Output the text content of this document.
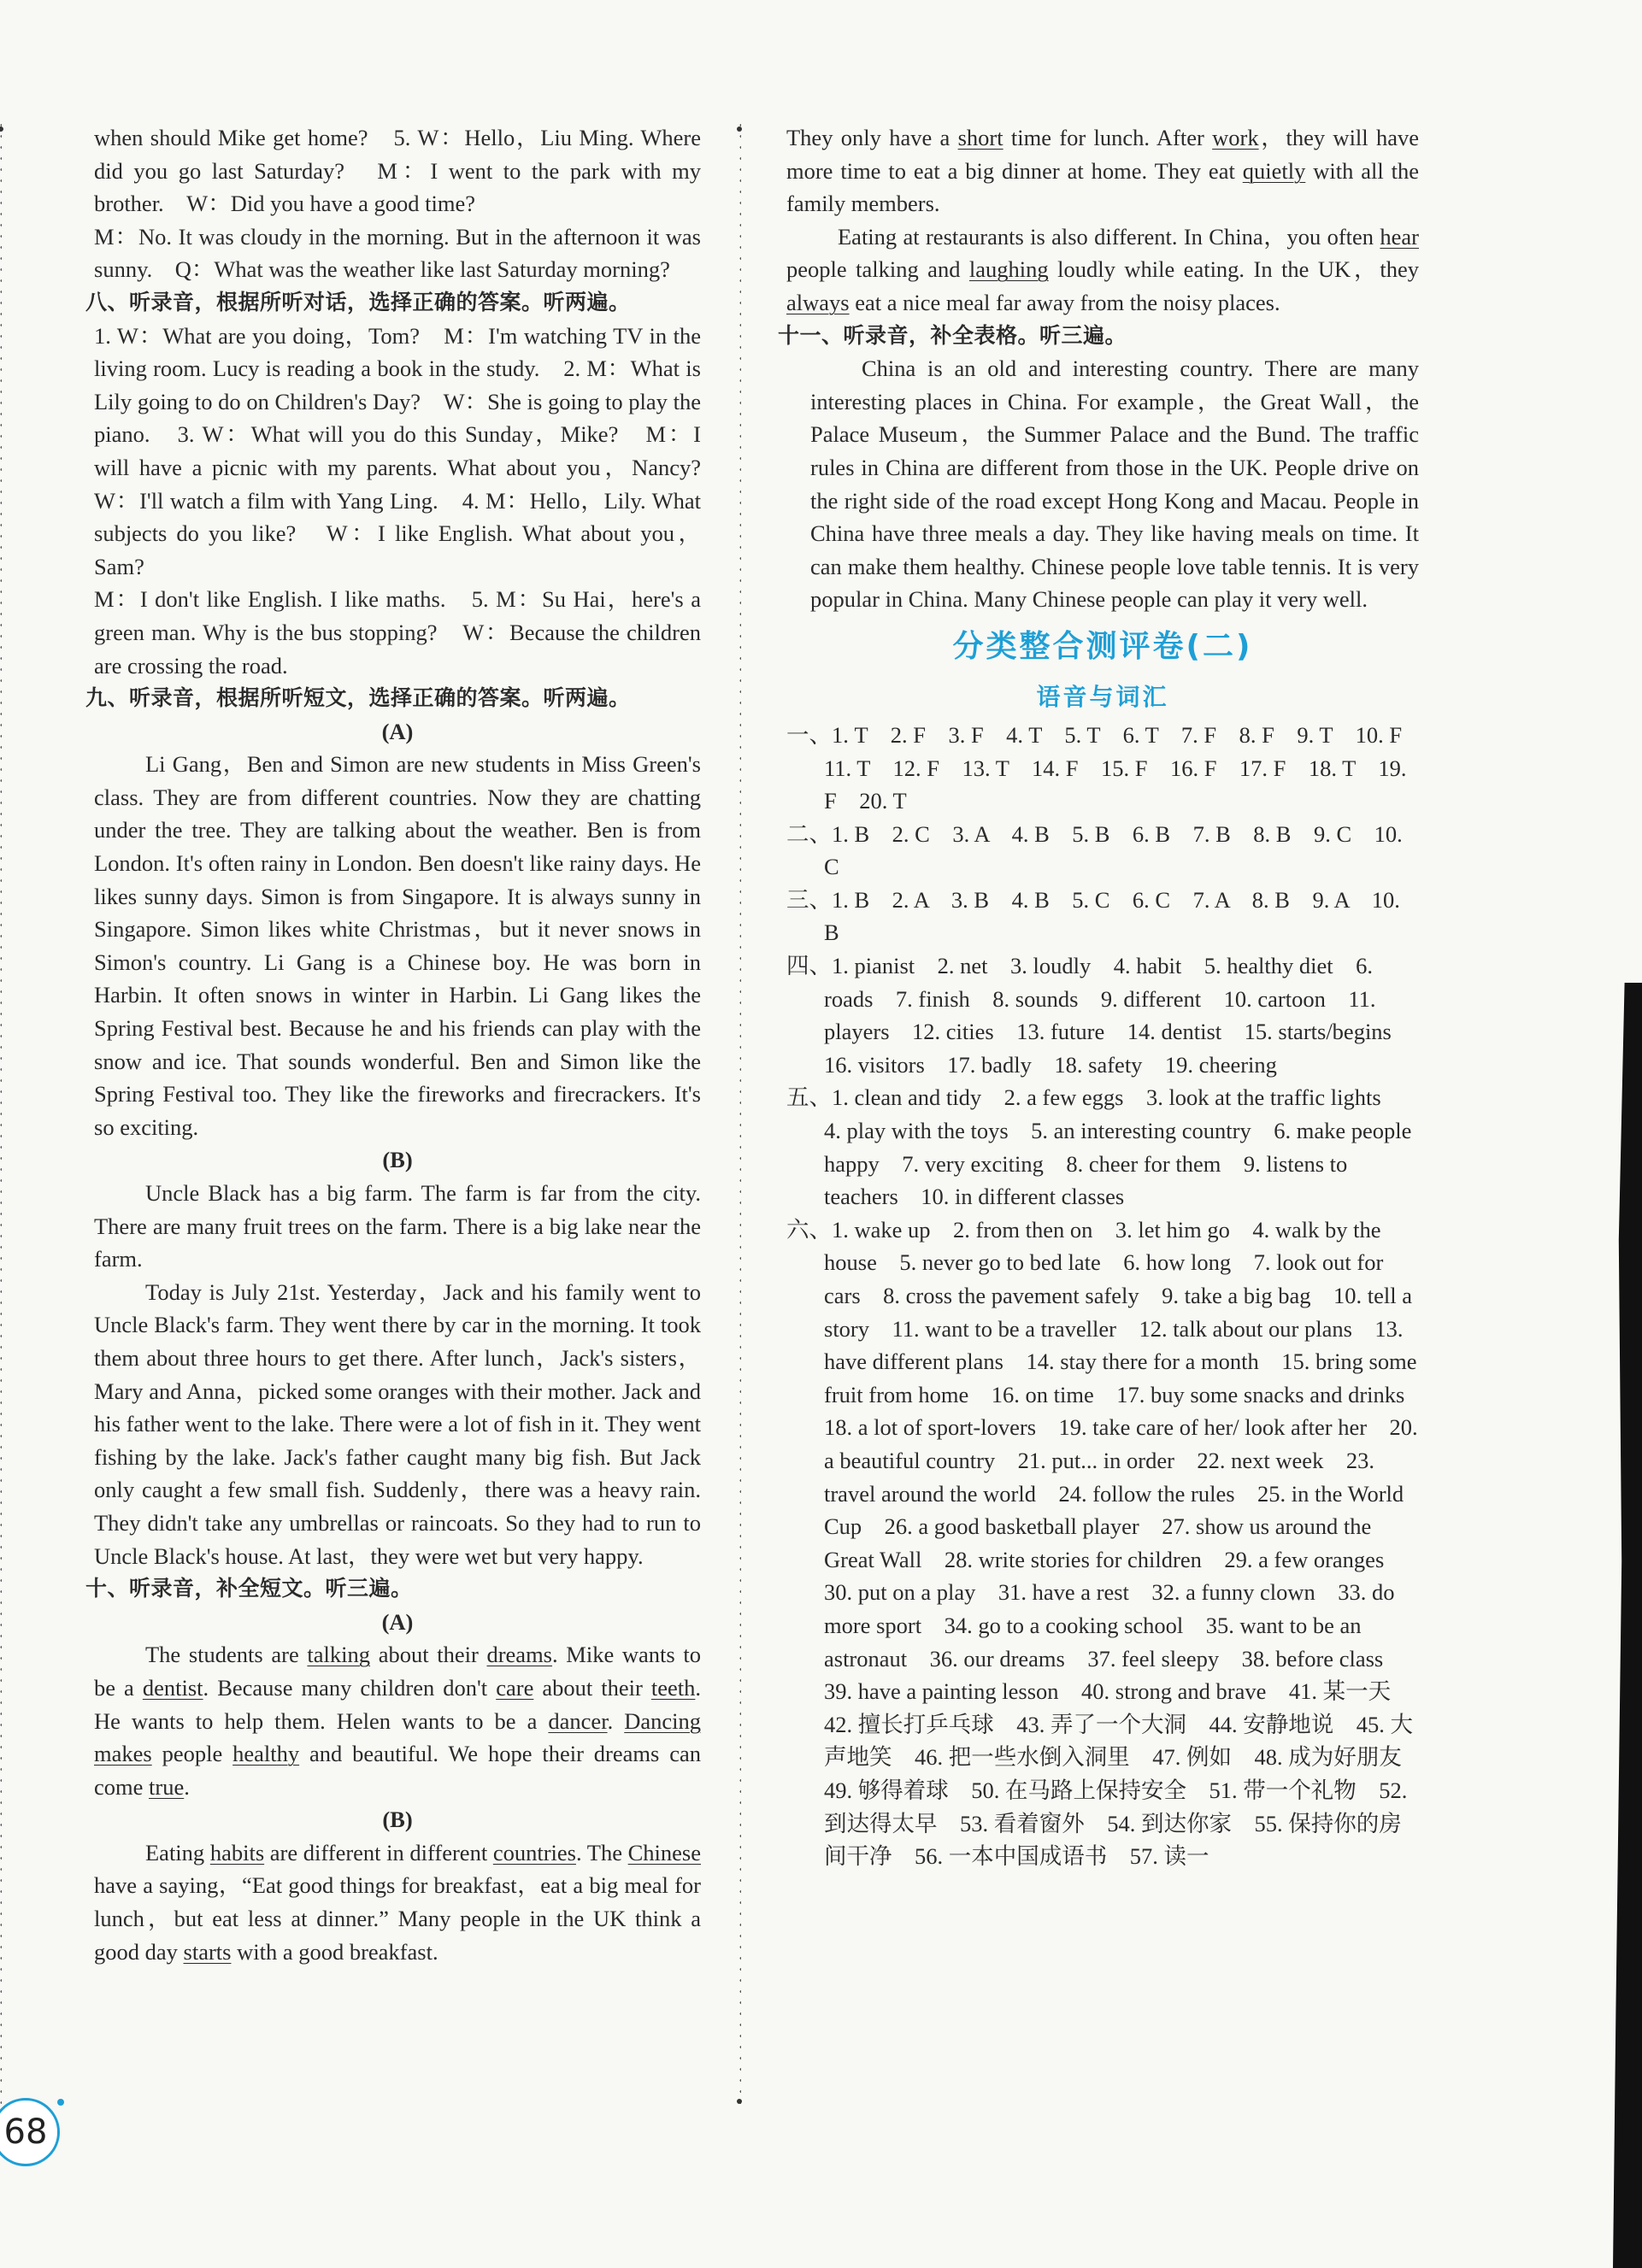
when should Mike get home?　5. W：Hello，Liu Ming. Where did you go last Saturday?　M：I went to the park with my brother.　W：Did you have a good time?

M：No. It was cloudy in the morning. But in the afternoon it was sunny.　Q：What was the weather like last Saturday morning?

八、听录音，根据所听对话，选择正确的答案。听两遍。

1. W：What are you doing，Tom?　M：I'm watching TV in the living room. Lucy is reading a book in the study.　2. M：What is Lily going to do on Children's Day?　W：She is going to play the piano.　3. W：What will you do this Sunday，Mike?　M：I will have a picnic with my parents. What about you，Nancy?　W：I'll watch a film with Yang Ling.　4. M：Hello，Lily. What subjects do you like?　W：I like English. What about you，Sam?

M：I don't like English. I like maths.　5. M：Su Hai，here's a green man. Why is the bus stopping?　W：Because the children are crossing the road.

九、听录音，根据所听短文，选择正确的答案。听两遍。

(A)

Li Gang，Ben and Simon are new students in Miss Green's class. They are from different countries. Now they are chatting under the tree. They are talking about the weather. Ben is from London. It's often rainy in London. Ben doesn't like rainy days. He likes sunny days. Simon is from Singapore. It is always sunny in Singapore. Simon likes white Christmas，but it never snows in Simon's country. Li Gang is a Chinese boy. He was born in Harbin. It often snows in winter in Harbin. Li Gang likes the Spring Festival best. Because he and his friends can play with the snow and ice. That sounds wonderful. Ben and Simon like the Spring Festival too. They like the fireworks and firecrackers. It's so exciting.

(B)

Uncle Black has a big farm. The farm is far from the city. There are many fruit trees on the farm. There is a big lake near the farm.

Today is July 21st. Yesterday，Jack and his family went to Uncle Black's farm. They went there by car in the morning. It took them about three hours to get there. After lunch，Jack's sisters，Mary and Anna，picked some oranges with their mother. Jack and his father went to the lake. There were a lot of fish in it. They went fishing by the lake. Jack's father caught many big fish. But Jack only caught a few small fish. Suddenly，there was a heavy rain. They didn't take any umbrellas or raincoats. So they had to run to Uncle Black's house. At last，they were wet but very happy.

十、听录音，补全短文。听三遍。

(A)

The students are talking about their dreams. Mike wants to be a dentist. Because many children don't care about their teeth. He wants to help them. Helen wants to be a dancer. Dancing makes people healthy and beautiful. We hope their dreams can come true.

(B)

Eating habits are different in different countries. The Chinese have a saying，“Eat good things for breakfast，eat a big meal for lunch，but eat less at dinner.” Many people in the UK think a good day starts with a good breakfast.

They only have a short time for lunch. After work，they will have more time to eat a big dinner at home. They eat quietly with all the family members.

Eating at restaurants is also different. In China，you often hear people talking and laughing loudly while eating. In the UK，they always eat a nice meal far away from the noisy places.

十一、听录音，补全表格。听三遍。

China is an old and interesting country. There are many interesting places in China. For example，the Great Wall，the Palace Museum，the Summer Palace and the Bund. The traffic rules in China are different from those in the UK. People drive on the right side of the road except Hong Kong and Macau. People in China have three meals a day. They like having meals on time. It can make them healthy. Chinese people love table tennis. It is very popular in China. Many Chinese people can play it very well.

分类整合测评卷(二)

语音与词汇

一、1. T　2. F　3. F　4. T　5. T　6. T　7. F　8. F　9. T　10. F　11. T　12. F　13. T　14. F　15. F　16. F　17. F　18. T　19. F　20. T

二、1. B　2. C　3. A　4. B　5. B　6. B　7. B　8. B　9. C　10. C

三、1. B　2. A　3. B　4. B　5. C　6. C　7. A　8. B　9. A　10. B

四、1. pianist　2. net　3. loudly　4. habit　5. healthy diet　6. roads　7. finish　8. sounds　9. different　10. cartoon　11. players　12. cities　13. future　14. dentist　15. starts/begins　16. visitors　17. badly　18. safety　19. cheering

五、1. clean and tidy　2. a few eggs　3. look at the traffic lights　4. play with the toys　5. an interesting country　6. make people happy　7. very exciting　8. cheer for them　9. listens to teachers　10. in different classes

六、1. wake up　2. from then on　3. let him go　4. walk by the house　5. never go to bed late　6. how long　7. look out for cars　8. cross the pavement safely　9. take a big bag　10. tell a story　11. want to be a traveller　12. talk about our plans　13. have different plans　14. stay there for a month　15. bring some fruit from home　16. on time　17. buy some snacks and drinks　18. a lot of sport-lovers　19. take care of her/ look after her　20. a beautiful country　21. put... in order　22. next week　23. travel around the world　24. follow the rules　25. in the World Cup　26. a good basketball player　27. show us around the Great Wall　28. write stories for children　29. a few oranges　30. put on a play　31. have a rest　32. a funny clown　33. do more sport　34. go to a cooking school　35. want to be an astronaut　36. our dreams　37. feel sleepy　38. before class　39. have a painting lesson　40. strong and brave　41. 某一天　42. 擅长打乒乓球　43. 弄了一个大洞　44. 安静地说　45. 大声地笑　46. 把一些水倒入洞里　47. 例如　48. 成为好朋友　49. 够得着球　50. 在马路上保持安全　51. 带一个礼物　52. 到达得太早　53. 看着窗外　54. 到达你家　55. 保持你的房间干净　56. 一本中国成语书　57. 读一

68
